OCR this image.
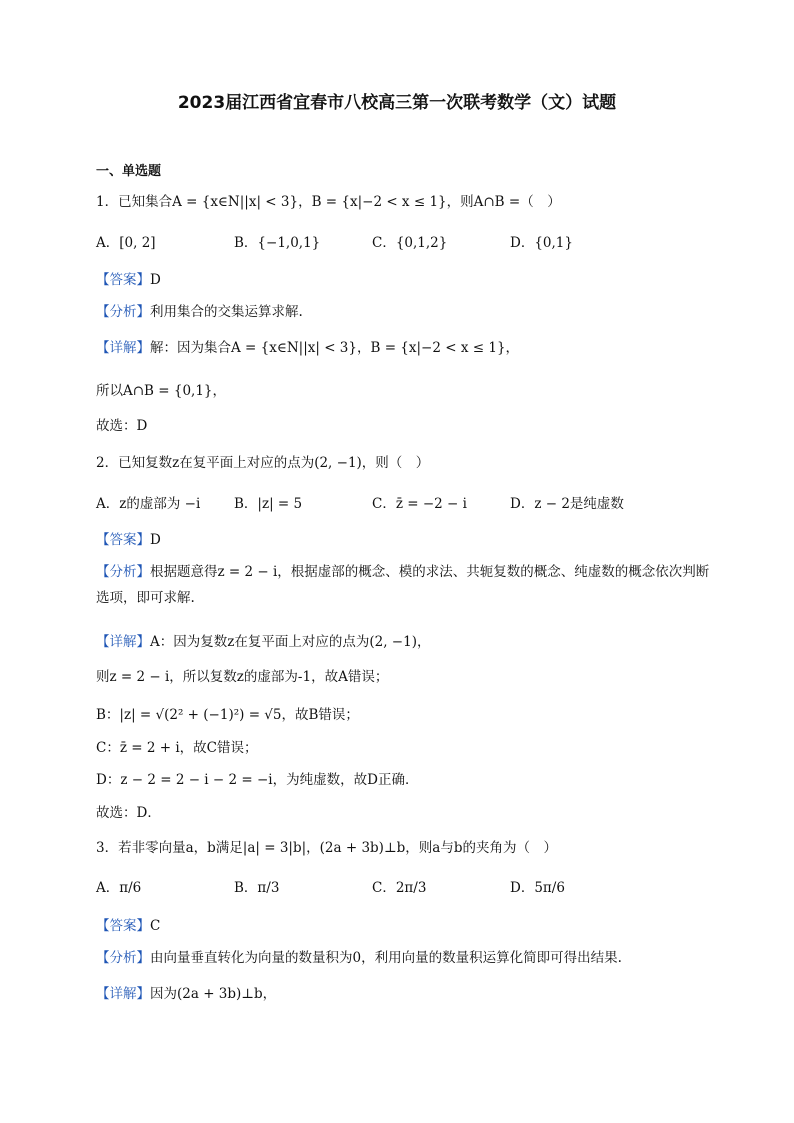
2023届江西省宜春市八校高三第一次联考数学（文）试题
一、单选题
1．已知集合A = {x∈N||x| < 3}，B = {x|−2 < x ≤ 1}，则A∩B =（　）
A．[0, 2]	B．{−1,0,1}	C．{0,1,2}	D．{0,1}
【答案】D
【分析】利用集合的交集运算求解.
【详解】解：因为集合A = {x∈N||x| < 3}，B = {x|−2 < x ≤ 1}，
所以A∩B = {0,1}，
故选：D
2．已知复数z在复平面上对应的点为(2, −1)，则（　）
A．z的虚部为 −i B．|z| = 5	C．z̄ = −2 − i	D．z − 2是纯虚数
【答案】D
【分析】根据题意得z = 2 − i，根据虚部的概念、模的求法、共轭复数的概念、纯虚数的概念依次判断选项，即可求解.
【详解】A：因为复数z在复平面上对应的点为(2, −1)，
则z = 2 − i，所以复数z的虚部为-1，故A错误；
B：|z| = √(2² + (−1)²) = √5，故B错误；
C：z̄ = 2 + i，故C错误；
D：z − 2 = 2 − i − 2 = −i，为纯虚数，故D正确．
故选：D．
3．若非零向量a，b满足|a| = 3|b|，(2a + 3b)⊥b，则a与b的夹角为（　）
A．π/6	B．π/3	C．2π/3	D．5π/6
【答案】C
【分析】由向量垂直转化为向量的数量积为0，利用向量的数量积运算化简即可得出结果.
【详解】因为(2a + 3b)⊥b，
